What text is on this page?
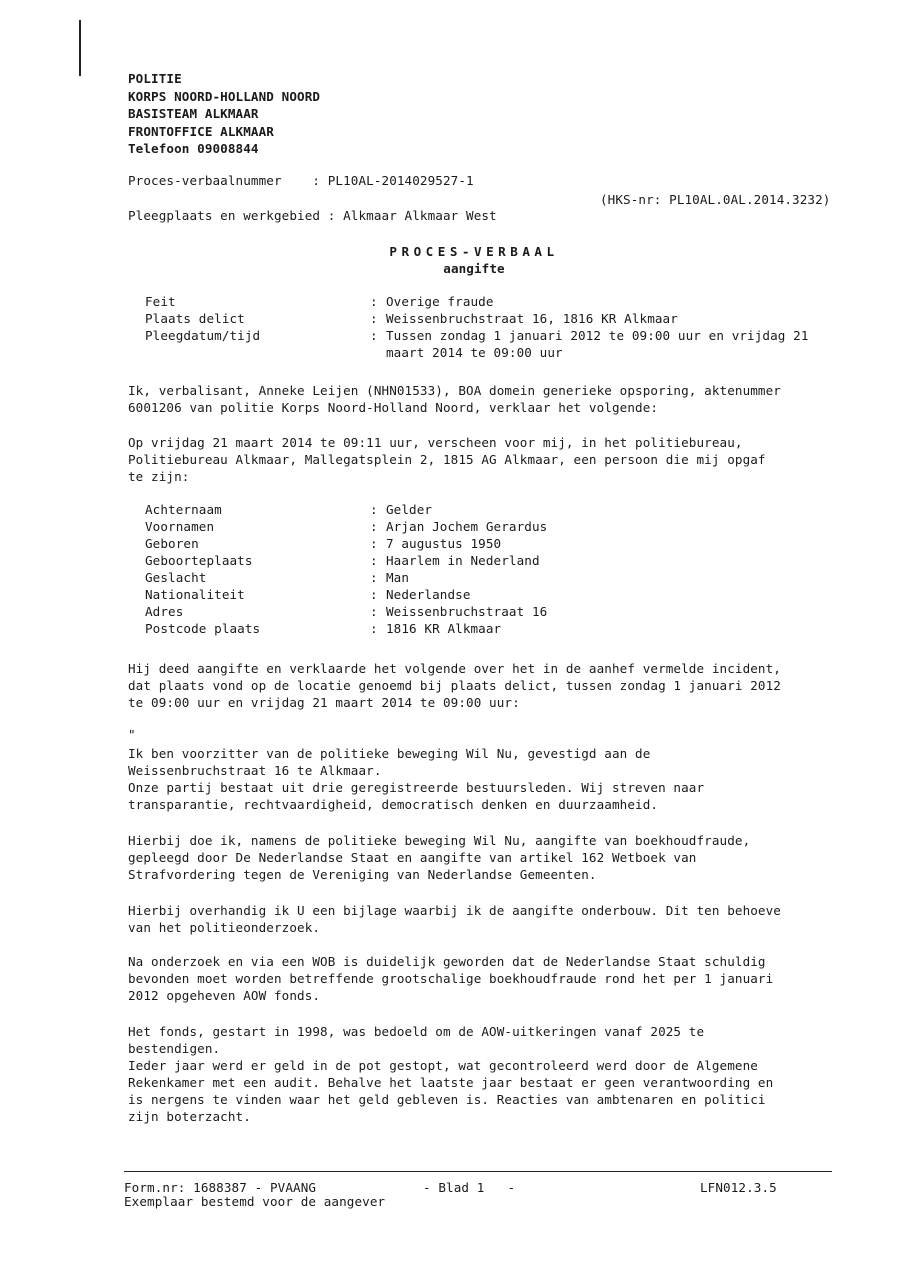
POLITIE
KORPS NOORD-HOLLAND NOORD
BASISTEAM ALKMAAR
FRONTOFFICE ALKMAAR
Telefoon 09008844
Proces-verbaalnummer    : PL10AL-2014029527-1
(HKS-nr: PL10AL.0AL.2014.3232)
Pleegplaats en werkgebied : Alkmaar Alkmaar West
PROCES-VERBAAL
aangifte
Feit	: Overige fraude
Plaats delict	: Weissenbruchstraat 16, 1816 KR Alkmaar
Pleegdatum/tijd	: Tussen zondag 1 januari 2012 te 09:00 uur en vrijdag 21 maart 2014 te 09:00 uur
Ik, verbalisant, Anneke Leijen (NHN01533), BOA domein generieke opsporing, aktenummer
6001206 van politie Korps Noord-Holland Noord, verklaar het volgende:
Op vrijdag 21 maart 2014 te 09:11 uur, verscheen voor mij, in het politiebureau,
Politiebureau Alkmaar, Mallegatsplein 2, 1815 AG Alkmaar, een persoon die mij opgaf
te zijn:
Achternaam	: Gelder
Voornamen	: Arjan Jochem Gerardus
Geboren	: 7 augustus 1950
Geboorteplaats	: Haarlem in Nederland
Geslacht	: Man
Nationaliteit	: Nederlandse
Adres	: Weissenbruchstraat 16
Postcode plaats	: 1816 KR Alkmaar
Hij deed aangifte en verklaarde het volgende over het in de aanhef vermelde incident,
dat plaats vond op de locatie genoemd bij plaats delict, tussen zondag 1 januari 2012
te 09:00 uur en vrijdag 21 maart 2014 te 09:00 uur:
"
Ik ben voorzitter van de politieke beweging Wil Nu, gevestigd aan de
Weissenbruchstraat 16 te Alkmaar.
Onze partij bestaat uit drie geregistreerde bestuursleden. Wij streven naar
transparantie, rechtvaardigheid, democratisch denken en duurzaamheid.
Hierbij doe ik, namens de politieke beweging Wil Nu, aangifte van boekhoudfraude,
gepleegd door De Nederlandse Staat en aangifte van artikel 162 Wetboek van
Strafvordering tegen de Vereniging van Nederlandse Gemeenten.
Hierbij overhandig ik U een bijlage waarbij ik de aangifte onderbouw. Dit ten behoeve
van het politieonderzoek.
Na onderzoek en via een WOB is duidelijk geworden dat de Nederlandse Staat schuldig
bevonden moet worden betreffende grootschalige boekhoudfraude rond het per 1 januari
2012 opgeheven AOW fonds.
Het fonds, gestart in 1998, was bedoeld om de AOW-uitkeringen vanaf 2025 te
bestendigen.
Ieder jaar werd er geld in de pot gestopt, wat gecontroleerd werd door de Algemene
Rekenkamer met een audit. Behalve het laatste jaar bestaat er geen verantwoording en
is nergens te vinden waar het geld gebleven is. Reacties van ambtenaren en politici
zijn boterzacht.
Form.nr: 1688387 - PVAANG	- Blad 1   -	LFN012.3.5
Exemplaar bestemd voor de aangever
